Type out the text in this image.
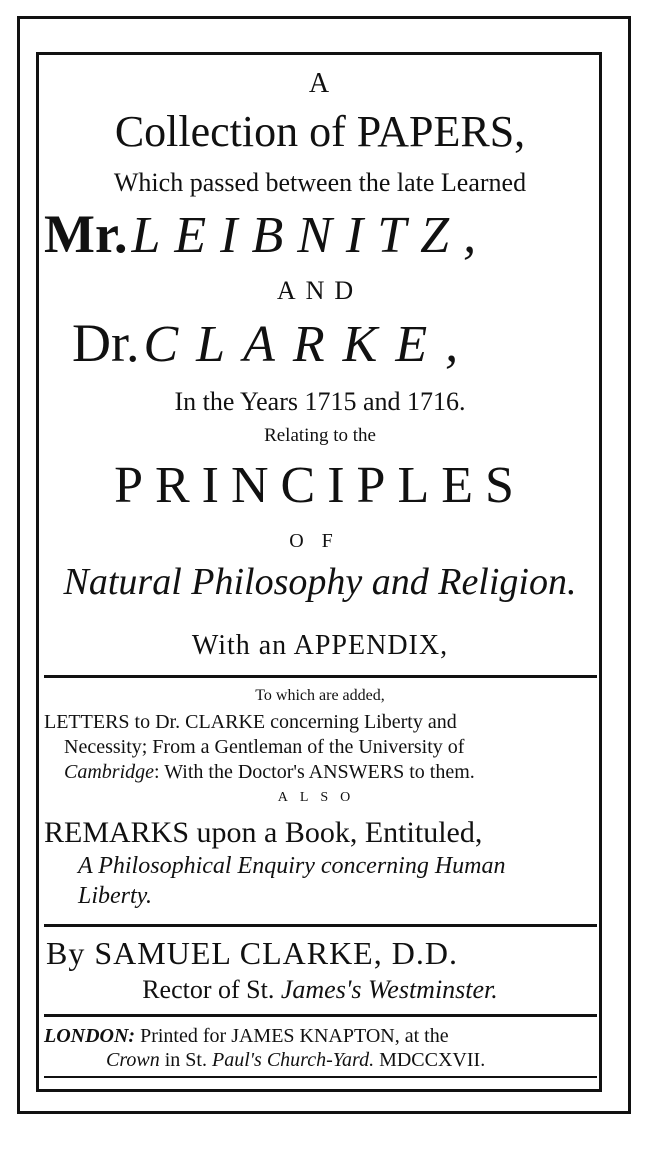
A
Collection of PAPERS,
Which passed between the late Learned
Mr. LEIBNITZ,
AND
Dr. CLARKE,
In the Years 1715 and 1716.
Relating to the
PRINCIPLES
OF
Natural Philosophy and Religion.
With an APPENDIX,
To which are added,
LETTERS to Dr. CLARKE concerning Liberty and
Necessity; From a Gentleman of the University of
Cambridge: With the Doctor's ANSWERS to them.
ALSO
REMARKS upon a Book, Entituled,
A Philosophical Enquiry concerning Human
Liberty.
By SAMUEL CLARKE, D.D.
Rector of St. James's Westminster.
LONDON: Printed for JAMES KNAPTON, at the
Crown in St. Paul's Church-Yard. MDCCXVII.
